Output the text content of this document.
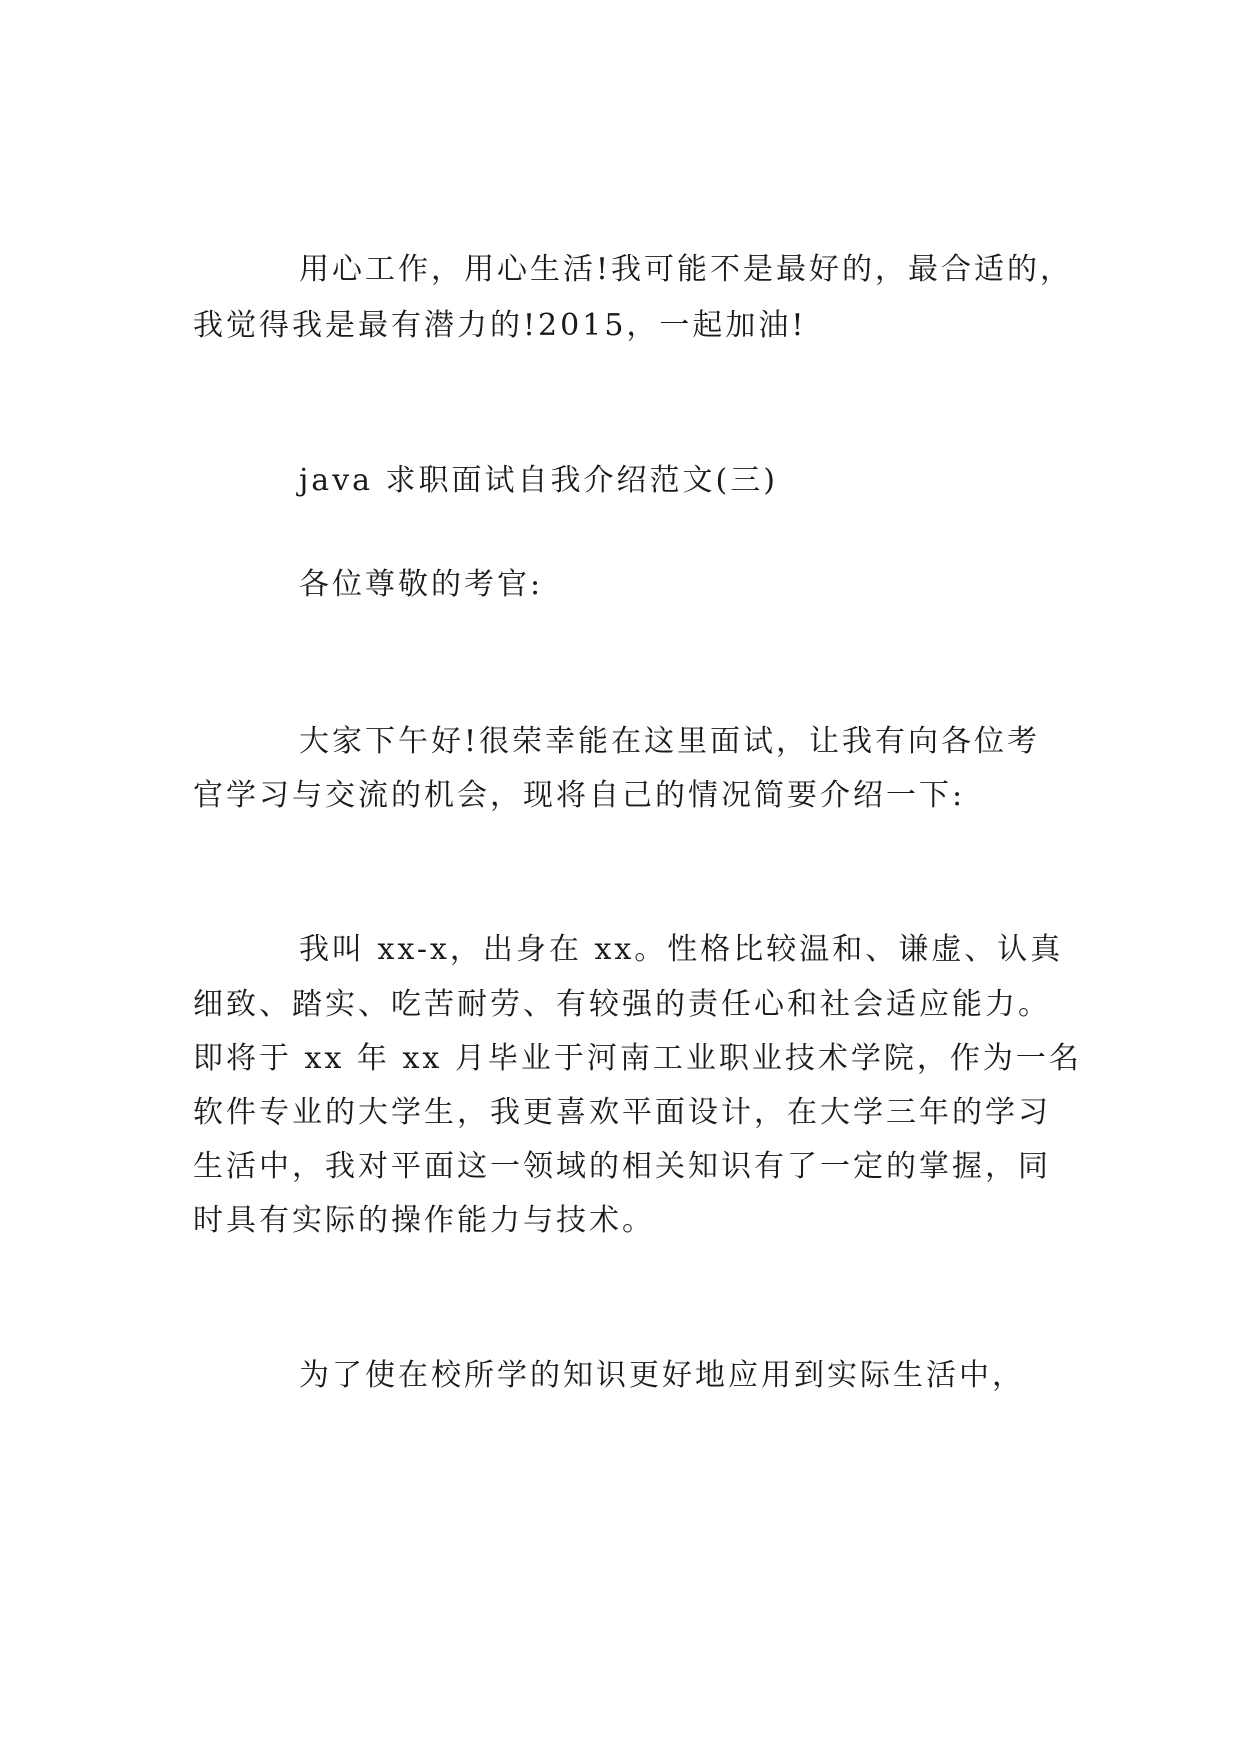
用心工作，用心生活!我可能不是最好的，最合适的，
我觉得我是最有潜力的!2015，一起加油!
java 求职面试自我介绍范文(三)
各位尊敬的考官:
大家下午好!很荣幸能在这里面试，让我有向各位考
官学习与交流的机会，现将自己的情况简要介绍一下:
我叫 xx-x，出身在 xx。性格比较温和、谦虚、认真
细致、踏实、吃苦耐劳、有较强的责任心和社会适应能力。
即将于 xx 年 xx 月毕业于河南工业职业技术学院，作为一名
软件专业的大学生，我更喜欢平面设计，在大学三年的学习
生活中，我对平面这一领域的相关知识有了一定的掌握，同
时具有实际的操作能力与技术。
为了使在校所学的知识更好地应用到实际生活中，
